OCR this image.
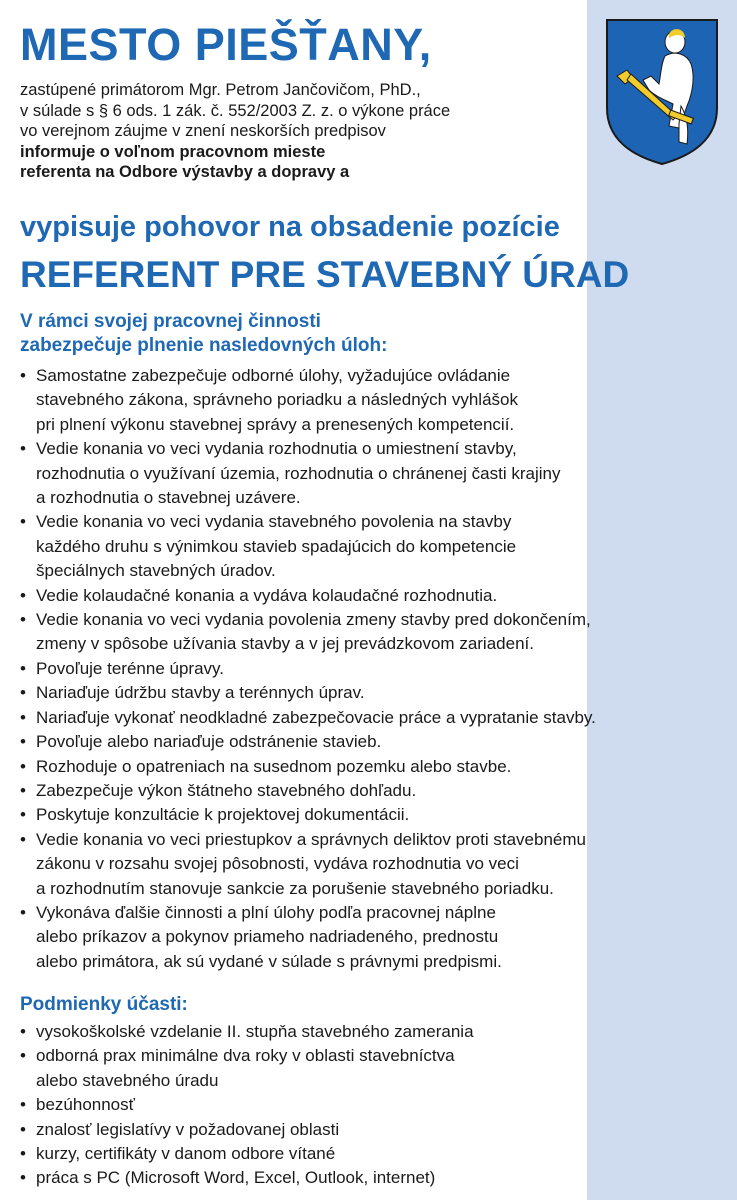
MESTO PIEŠŤANY,
zastúpené primátorom Mgr. Petrom Jančovičom, PhD.,
v súlade s § 6 ods. 1 zák. č. 552/2003 Z. z. o výkone práce
vo verejnom záujme v znení neskorších predpisov
informuje o voľnom pracovnom mieste
referenta na Odbore výstavby a dopravy a
vypisuje pohovor na obsadenie pozície
REFERENT PRE STAVEBNÝ ÚRAD
V rámci svojej pracovnej činnosti
zabezpečuje plnenie nasledovných úloh:
• Samostatne zabezpečuje odborné úlohy, vyžadujúce ovládanie
stavebného zákona, správneho poriadku a následných vyhlášok
pri plnení výkonu stavebnej správy a prenesených kompetencií.
• Vedie konania vo veci vydania rozhodnutia o umiestnení stavby,
rozhodnutia o využívaní územia, rozhodnutia o chránenej časti krajiny
a rozhodnutia o stavebnej uzávere.
• Vedie konania vo veci vydania stavebného povolenia na stavby
každého druhu s výnimkou stavieb spadajúcich do kompetencie
špeciálnych stavebných úradov.
• Vedie kolaudačné konania a vydáva kolaudačné rozhodnutia.
• Vedie konania vo veci vydania povolenia zmeny stavby pred dokončením,
zmeny v spôsobe užívania stavby a v jej prevádzkovom zariadení.
• Povoľuje terénne úpravy.
• Nariaďuje údržbu stavby a terénnych úprav.
• Nariaďuje vykonať neodkladné zabezpečovacie práce a vypratanie stavby.
• Povoľuje alebo nariaďuje odstránenie stavieb.
• Rozhoduje o opatreniach na susednom pozemku alebo stavbe.
• Zabezpečuje výkon štátneho stavebného dohľadu.
• Poskytuje konzultácie k projektovej dokumentácii.
• Vedie konania vo veci priestupkov a správnych deliktov proti stavebnému
zákonu v rozsahu svojej pôsobnosti, vydáva rozhodnutia vo veci
a rozhodnutím stanovuje sankcie za porušenie stavebného poriadku.
• Vykonáva ďalšie činnosti a plní úlohy podľa pracovnej náplne
alebo príkazov a pokynov priameho nadriadeného, prednostu
alebo primátora, ak sú vydané v súlade s právnymi predpismi.
Podmienky účasti:
• vysokoškolské vzdelanie II. stupňa stavebného zamerania
• odborná prax minimálne dva roky v oblasti stavebníctva
alebo stavebného úradu
• bezúhonnosť
• znalosť legislatívy v požadovanej oblasti
• kurzy, certifikáty v danom odbore vítané
• práca s PC (Microsoft Word, Excel, Outlook, internet)
